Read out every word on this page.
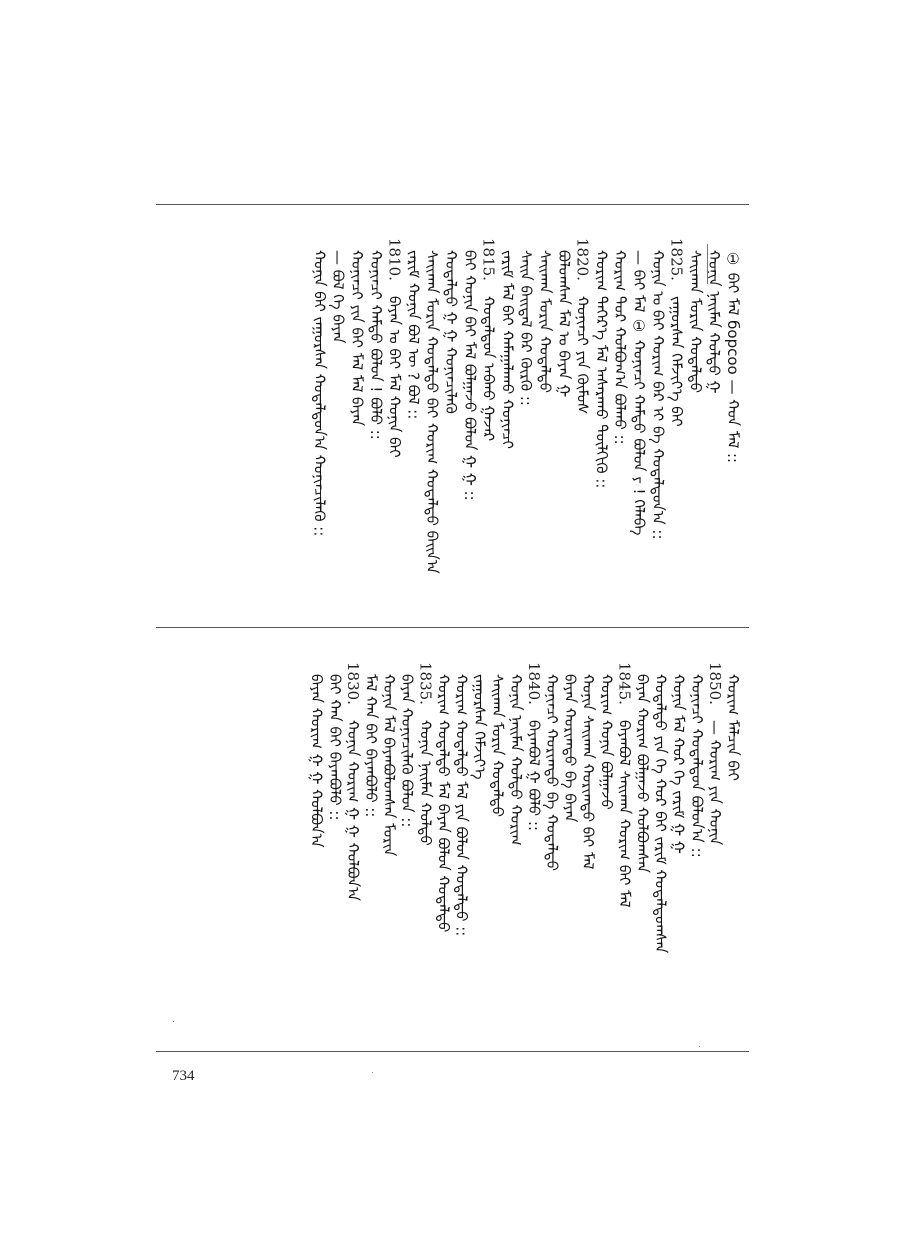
① ᠪᠠᠢ ᠮᠠᠯ борсоо — ᠬᠣᠨ ᠮᠠᠯ ::
ᠬᠣᠨᠢᠨ ᠨᠠᠢᠮᠠᠨ ᠬᠣᠯᠳᠣ ᠭ
ᠰᠠᠢᠬᠠᠨ ᠮᠣᠷᠢᠨ ᠬᠤᠳᠠᠯᠳᠤ
1825.
ᠵᠠᠭᠤᠷᠰᠠᠨ ᠬᠡᠮᠵᠢᠶ᠎ᠡ ᠪᠠᠢ
ᠬᠣᠨᠢᠨ ᠣ ᠪᠠᠢ ᠬᠣᠷᠢᠭ ᠪᠡᠷ ᠢ ᠪᠡ ᠬᠤᠳᠠᠯᠳᠤᠨ᠎ᠠ ::
— ᠪᠠᠢ ᠮᠠᠯ ① ᠬᠣᠨᠢᠨᠴᠢ ᠬᠠᠮᠲᠤ ᠪᠣᠯᠤᠨ ᠶ ! ᠬᠡᠯᠡᠪᠡ
ᠬᠣᠷᠢᠭ ᠳᠣᠷ ᠬᠣᠯᠪᠣᠭ᠎ᠠ ᠪᠣᠯᠬᠤ ::
ᠬᠣᠷᠢᠭ ᠳᠡᠭᠡᠷ᠎ᠡ ᠮᠠᠯ ᠠᠰᠠᠷᠠᠬᠤ ᠲᠦᠯᠬᠢᠬᠦ ::
1820.
ᠬᠣᠨᠢᠨᠴᠢ ᠶᠢᠨ ᠬᠦᠮᠦᠰ
ᠪᠣᠯᠣᠭᠰᠠᠨ ᠮᠠᠯ ᠤ ᠪᠠᠶᠠᠨ ᠭ
ᠰᠠᠢᠬᠠᠨ ᠮᠣᠷᠢᠨ ᠬᠤᠳᠠᠯᠳᠤ
ᠰᠠᠢᠨ ᠪᠠᠢᠳᠠᠯ ᠪᠡᠷ ᠬᠦᠷᠬᠦ ::
ᠵᠠᠷᠢᠮ ᠮᠠᠯ ᠪᠠᠢ ᠬᠠᠮᠠᠭᠠᠯᠠᠬᠤ ᠬᠣᠨᠢᠨᠴᠢ
1815.
ᠬᠤᠳᠠᠯᠳᠤᠨ ᠠᠪᠬᠤ ᠭᠠᠵᠠᠷ
ᠪᠠᠢ ᠬᠣᠨᠢᠨ ᠪᠠᠢ ᠮᠠᠯ ᠪᠣᠯᠭᠠᠵᠤ ᠪᠣᠯᠤᠨ ᠭ ᠭ ::
ᠬᠤᠳᠠᠯᠳᠤ ᠭ ᠭ ᠬᠣᠨᠢᠨᠴᠢᠯᠡᠬᠦ
ᠰᠠᠢᠬᠠᠨ ᠮᠣᠷᠢᠨ ᠬᠤᠳᠠᠯᠳᠤ ᠪᠠᠢ ᠬᠣᠷᠢᠭ ᠬᠤᠳᠠᠯᠳᠤ ᠪᠠᠢᠨ᠎ᠠ
ᠵᠠᠷᠢᠮ ᠬᠣᠨᠢᠨ ᠪᠣᠯ ᠦ ? ᠪᠣᠯ ::
1810.
ᠪᠠᠶᠠᠨ ᠣ ᠪᠠᠢ ᠮᠠᠯ ᠬᠣᠨᠢᠨ ᠪᠠᠢ
ᠬᠣᠨᠢᠨᠴᠢ ᠬᠠᠮᠲᠤ ᠪᠣᠯᠤᠨ ! ᠪᠣᠯᠣ ::
ᠬᠣᠨᠢᠨᠴᠢ ᠶᠢᠨ ᠪᠠᠢ ᠮᠠᠯ ᠮᠠᠯ ᠪᠠᠶᠠᠨ
— ᠪᠣᠯ ᠬᠡ ᠪᠠᠶᠠᠨ
ᠬᠣᠨᠢᠨ ᠪᠠᠢ ᠵᠠᠭᠤᠷᠰᠠᠨ ᠬᠤᠳᠠᠯᠳᠤᠨ᠎ᠠ ᠬᠣᠨᠢᠨᠴᠢᠯᠡᠬᠦ ::
ᠬᠣᠷᠢᠭ ᠮᠠᠯᠴᠢᠨ ᠪᠠᠢ
1850.
— ᠬᠣᠷᠢᠭ ᠶᠢᠨ ᠬᠣᠨᠢᠨ
ᠬᠣᠨᠢᠨᠴᠢ ᠬᠤᠳᠠᠯᠳᠤᠨ ᠪᠣᠯᠤᠨ᠎ᠠ ::
ᠬᠣᠨᠢᠨ ᠮᠠᠯ ᠬᠣᠷ ᠬᠡ ᠵᠠᠷᠢᠮ ᠭ ᠭ
ᠬᠤᠳᠠᠯᠳᠤ ᠶᠢᠨ ᠬᠡ ᠬᠣᠷ ᠪᠠᠢ ᠵᠠᠷᠢᠮ ᠬᠤᠳᠠᠯᠳᠤᠭᠰᠠᠨ
ᠪᠠᠶᠠᠨ ᠬᠣᠷᠢᠭ ᠪᠣᠯᠭᠠᠵᠤ ᠬᠣᠯᠪᠣᠭᠰᠠᠨ
1845.
ᠪᠠᠶᠠᠨᠪᠣᠯ ᠰᠠᠢᠬᠠᠨ ᠬᠣᠷᠢᠭ ᠪᠠᠢ ᠮᠠᠯ
ᠬᠣᠷᠢᠭ ᠬᠣᠨᠢᠨ ᠪᠣᠯᠭᠠᠵᠤ
ᠬᠣᠨᠢᠨ ᠰᠠᠢᠬᠠᠨ ᠬᠣᠷᠢᠭᠳᠤ ᠪᠠᠢ ᠮᠠᠯ
ᠪᠠᠶᠠᠨ ᠬᠣᠷᠢᠭᠳᠤ ᠪᠡ ᠪᠠᠶᠠᠨ
ᠬᠣᠨᠢᠨᠴᠢ ᠬᠣᠷᠢᠭᠳᠤ ᠪᠡ ᠬᠤᠳᠠᠯᠳᠤ
1840.
ᠪᠠᠶᠠᠨᠪᠣᠯ ᠭ ᠪᠣᠯᠣ ::
ᠬᠣᠨᠢᠨ ᠨᠠᠢᠮᠠᠨ ᠬᠣᠯᠳᠣ ᠬᠣᠷᠢᠭ
ᠰᠠᠢᠬᠠᠨ ᠮᠣᠷᠢᠨ ᠬᠤᠳᠠᠯᠳᠤ
ᠵᠠᠭᠤᠷᠰᠠᠨ ᠬᠡᠮᠵᠢᠶ᠎ᠡ
ᠬᠣᠷᠢᠭ ᠬᠤᠳᠠᠯᠳᠤ ᠮᠠᠯ ᠶᠢᠨ ᠪᠣᠯᠤᠨ ᠬᠤᠳᠠᠯᠳᠤ ::
ᠬᠣᠷᠢᠭ ᠬᠤᠳᠠᠯᠳᠤ ᠮᠠᠯ ᠪᠠᠶᠠᠨ ᠪᠣᠯᠤᠨ ᠬᠤᠳᠠᠯᠳᠤ
1835.
ᠬᠣᠨᠢᠨ ᠨᠠᠢᠮᠠᠨ ᠬᠣᠯᠳᠣ
ᠪᠠᠶᠠᠨ ᠬᠣᠨᠢᠨᠴᠢᠯᠡᠬᠦ ᠪᠣᠯᠤᠨ ::
ᠬᠣᠨᠢᠨ ᠮᠠᠯ ᠪᠠᠶᠠᠨᠪᠣᠯᠣᠭᠰᠠᠨ ᠮᠣᠷᠢᠨ
ᠮᠠᠯ ᠬᠠᠨ ᠪᠠᠢ ᠪᠠᠶᠠᠨᠪᠣᠯᠣ ::
1830.
ᠬᠣᠨᠢᠨ ᠬᠣᠷᠢᠭ ᠭ ᠭ ᠬᠣᠯᠪᠣᠨ᠎ᠠ
ᠪᠠᠢ ᠬᠠᠨ ᠪᠠᠢ ᠪᠠᠶᠠᠨᠪᠣᠯᠣ ::
ᠪᠠᠶᠠᠨ ᠬᠣᠷᠢᠭ ᠭ ᠭ ᠬᠣᠯᠪᠣᠨ᠎ᠠ
734
